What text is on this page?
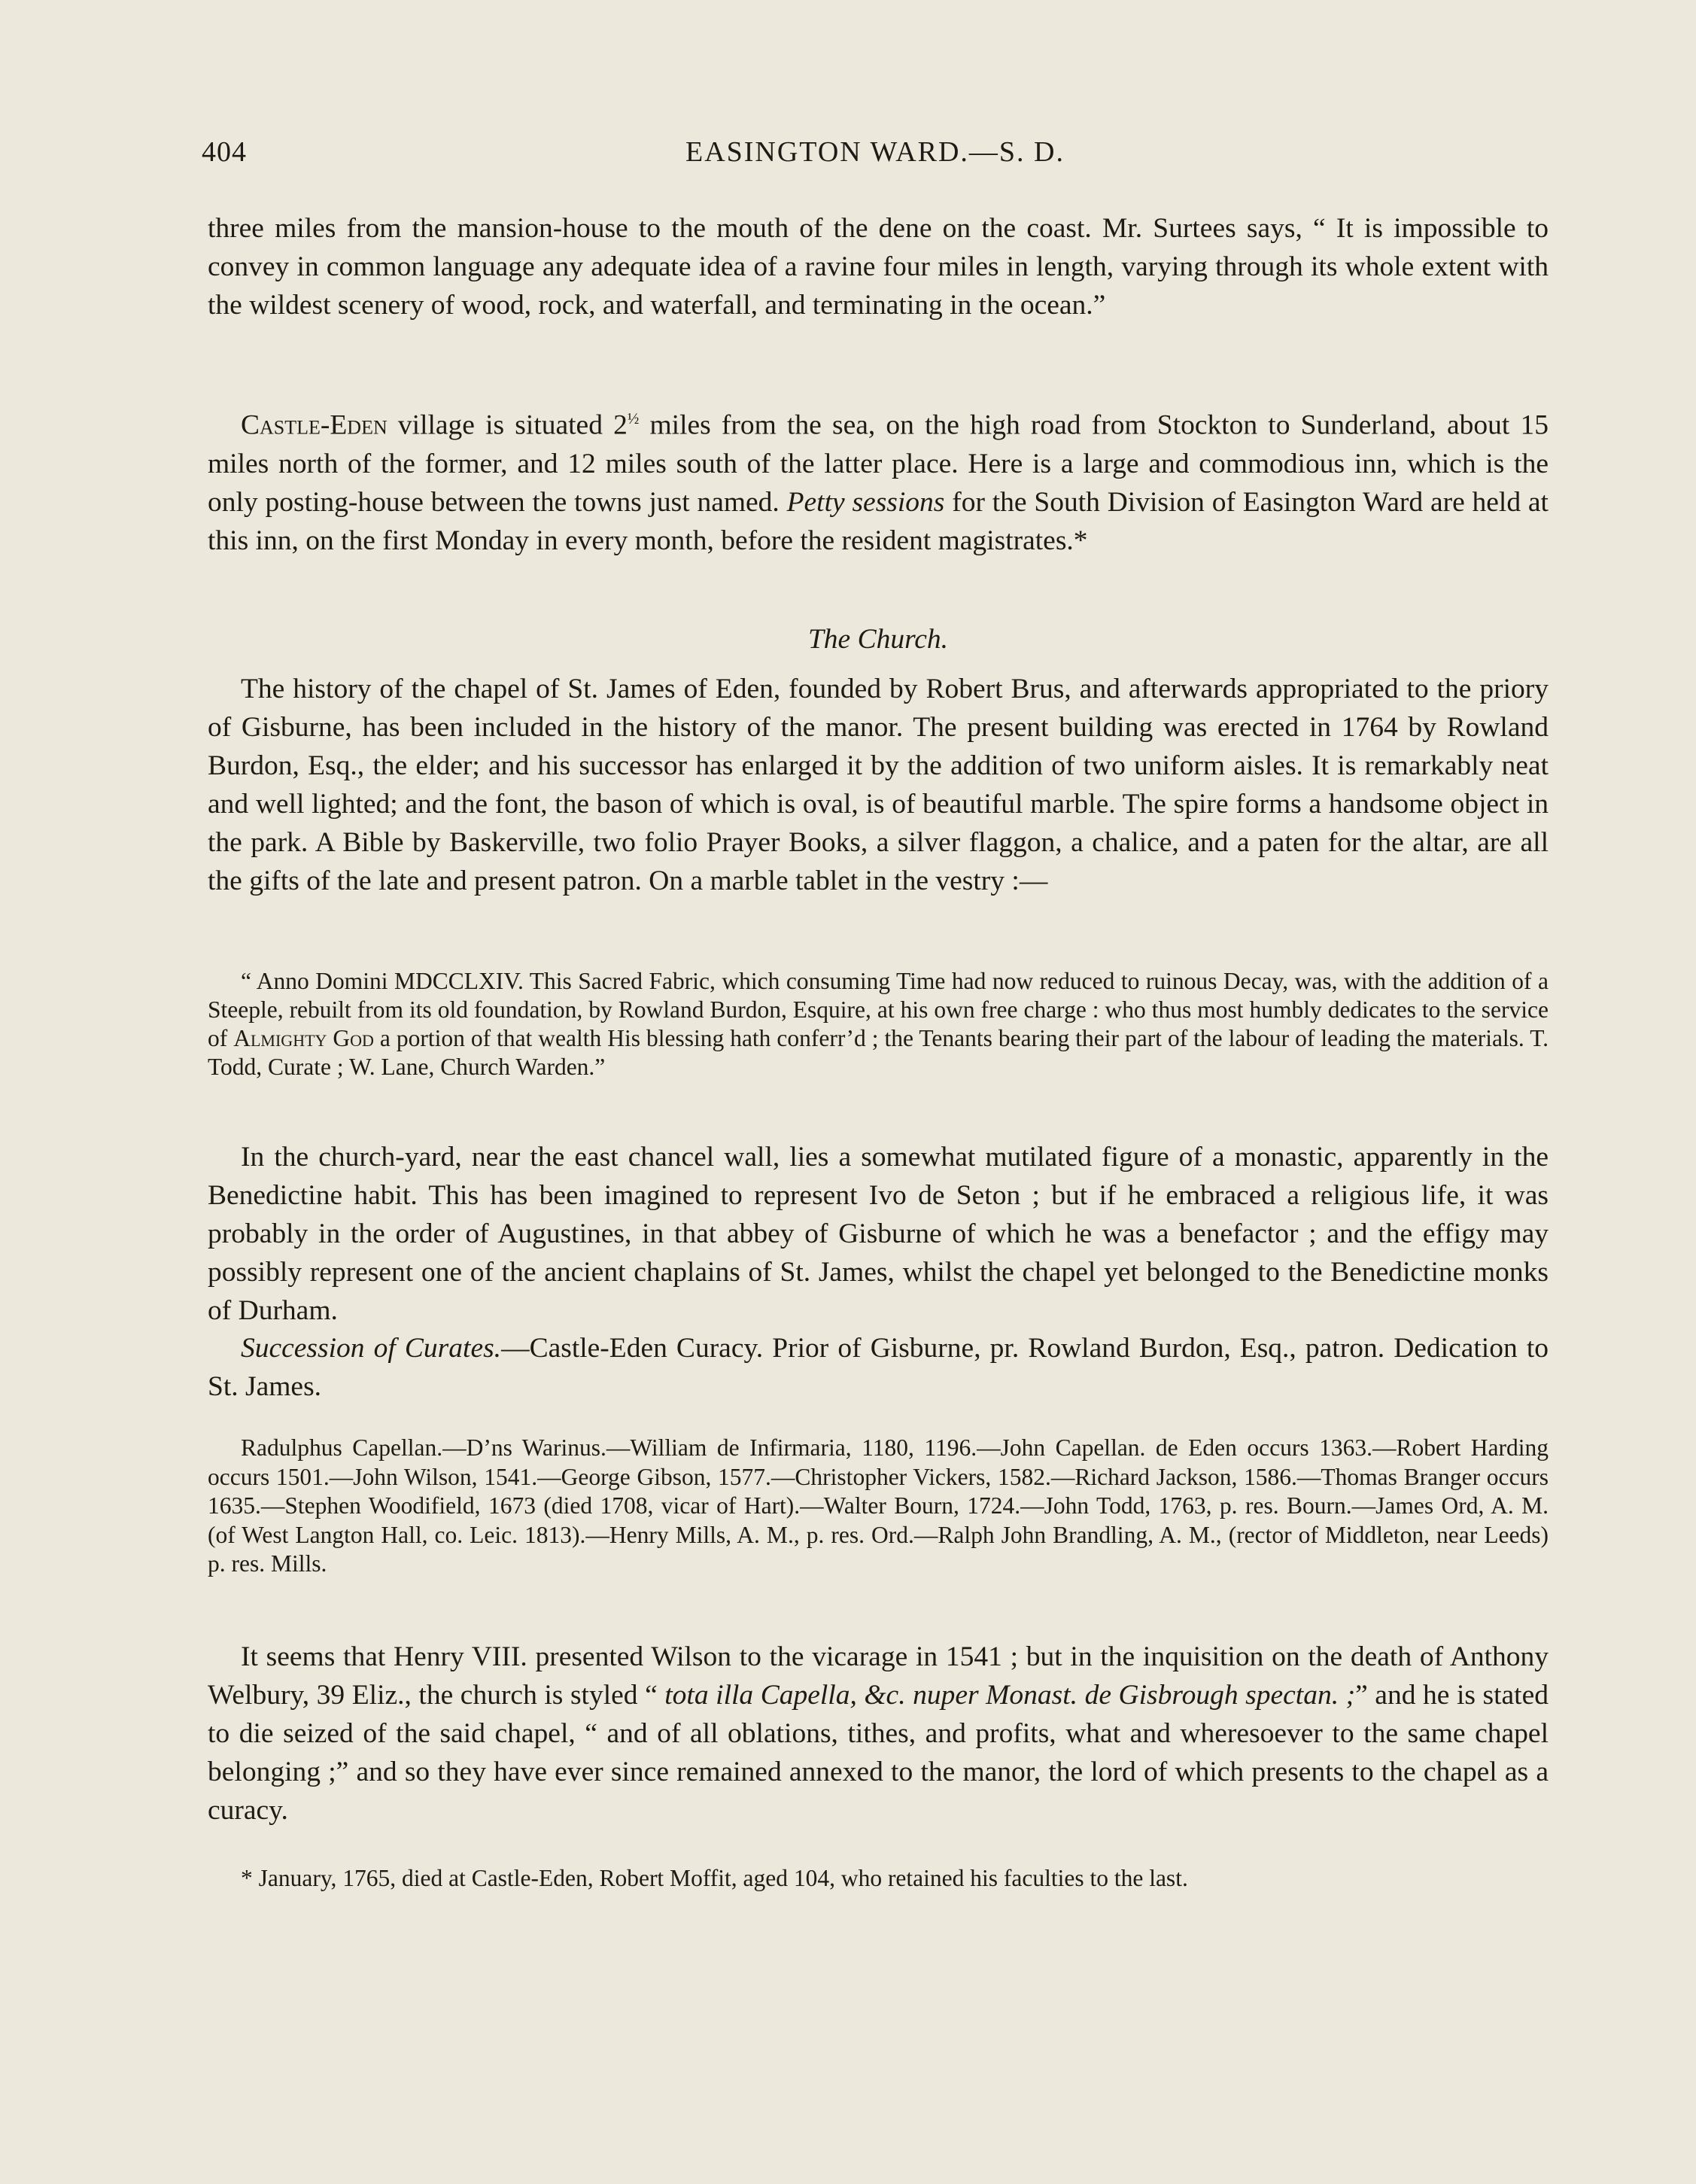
404	EASINGTON WARD.—S. D.

three miles from the mansion-house to the mouth of the dene on the coast. Mr. Surtees says, “ It is impossible to convey in common language any adequate idea of a ravine four miles in length, varying through its whole extent with the wildest scenery of wood, rock, and waterfall, and terminating in the ocean.”

Castle-Eden village is situated $2^{\frac{1}{2}}$ miles from the sea, on the high road from Stockton to Sunderland, about 15 miles north of the former, and 12 miles south of the latter place. Here is a large and commodious inn, which is the only posting-house between the towns just named. Petty sessions for the South Division of Easington Ward are held at this inn, on the first Monday in every month, before the resident magistrates.*

The Church.

The history of the chapel of St. James of Eden, founded by Robert Brus, and afterwards appropriated to the priory of Gisburne, has been included in the history of the manor. The present building was erected in 1764 by Rowland Burdon, Esq., the elder; and his successor has enlarged it by the addition of two uniform aisles. It is remarkably neat and well lighted; and the font, the bason of which is oval, is of beautiful marble. The spire forms a handsome object in the park. A Bible by Baskerville, two folio Prayer Books, a silver flaggon, a chalice, and a paten for the altar, are all the gifts of the late and present patron. On a marble tablet in the vestry :—

“ Anno Domini MDCCLXIV. This Sacred Fabric, which consuming Time had now reduced to ruinous Decay, was, with the addition of a Steeple, rebuilt from its old foundation, by Rowland Burdon, Esquire, at his own free charge : who thus most humbly dedicates to the service of Almighty God a portion of that wealth His blessing hath conferr’d ; the Tenants bearing their part of the labour of leading the materials. T. Todd, Curate ; W. Lane, Church Warden.”

In the church-yard, near the east chancel wall, lies a somewhat mutilated figure of a monastic, apparently in the Benedictine habit. This has been imagined to represent Ivo de Seton ; but if he embraced a religious life, it was probably in the order of Augustines, in that abbey of Gisburne of which he was a benefactor ; and the effigy may possibly represent one of the ancient chaplains of St. James, whilst the chapel yet belonged to the Benedictine monks of Durham.

Succession of Curates.—Castle-Eden Curacy. Prior of Gisburne, pr. Rowland Burdon, Esq., patron. Dedication to St. James.

Radulphus Capellan.—D’ns Warinus.—William de Infirmaria, 1180, 1196.—John Capellan. de Eden occurs 1363.—Robert Harding occurs 1501.—John Wilson, 1541.—George Gibson, 1577.—Christopher Vickers, 1582.—Richard Jackson, 1586.—Thomas Branger occurs 1635.—Stephen Woodifield, 1673 (died 1708, vicar of Hart).—Walter Bourn, 1724.—John Todd, 1763, p. res. Bourn.—James Ord, A. M. (of West Langton Hall, co. Leic. 1813).—Henry Mills, A. M., p. res. Ord.—Ralph John Brandling, A. M., (rector of Middleton, near Leeds) p. res. Mills.

It seems that Henry VIII. presented Wilson to the vicarage in 1541 ; but in the inquisition on the death of Anthony Welbury, 39 Eliz., the church is styled “ tota illa Capella, &c. nuper Monast. de Gisbrough spectan. ;” and he is stated to die seized of the said chapel, “ and of all oblations, tithes, and profits, what and wheresoever to the same chapel belonging ;” and so they have ever since remained annexed to the manor, the lord of which presents to the chapel as a curacy.

* January, 1765, died at Castle-Eden, Robert Moffit, aged 104, who retained his faculties to the last.
